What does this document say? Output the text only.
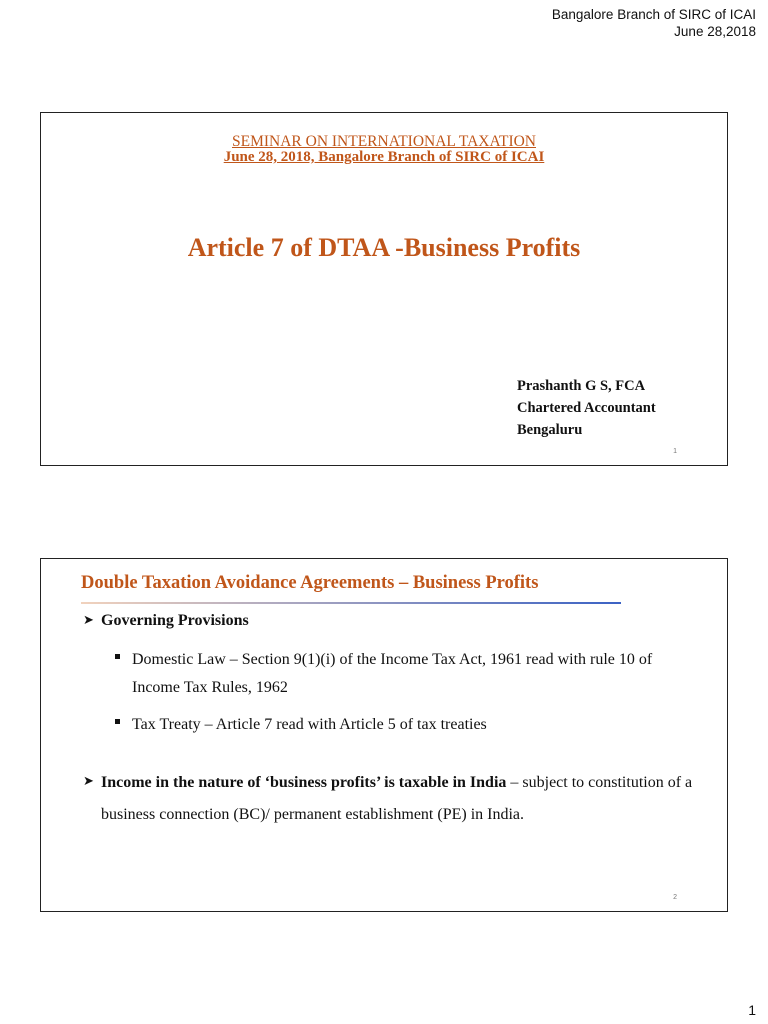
Bangalore Branch of SIRC of ICAI
June 28,2018
SEMINAR ON INTERNATIONAL TAXATION
June 28, 2018, Bangalore Branch of SIRC of ICAI
Article 7 of DTAA -Business Profits
Prashanth G S, FCA
Chartered Accountant
Bengaluru
1
Double Taxation Avoidance Agreements – Business Profits
➤ Governing Provisions
Domestic Law – Section 9(1)(i) of the Income Tax Act, 1961 read with rule 10 of Income Tax Rules, 1962
Tax Treaty – Article 7 read with Article 5 of tax treaties
➤ Income in the nature of ‘business profits’ is taxable in India – subject to constitution of a business connection (BC)/ permanent establishment (PE) in India.
2
1
